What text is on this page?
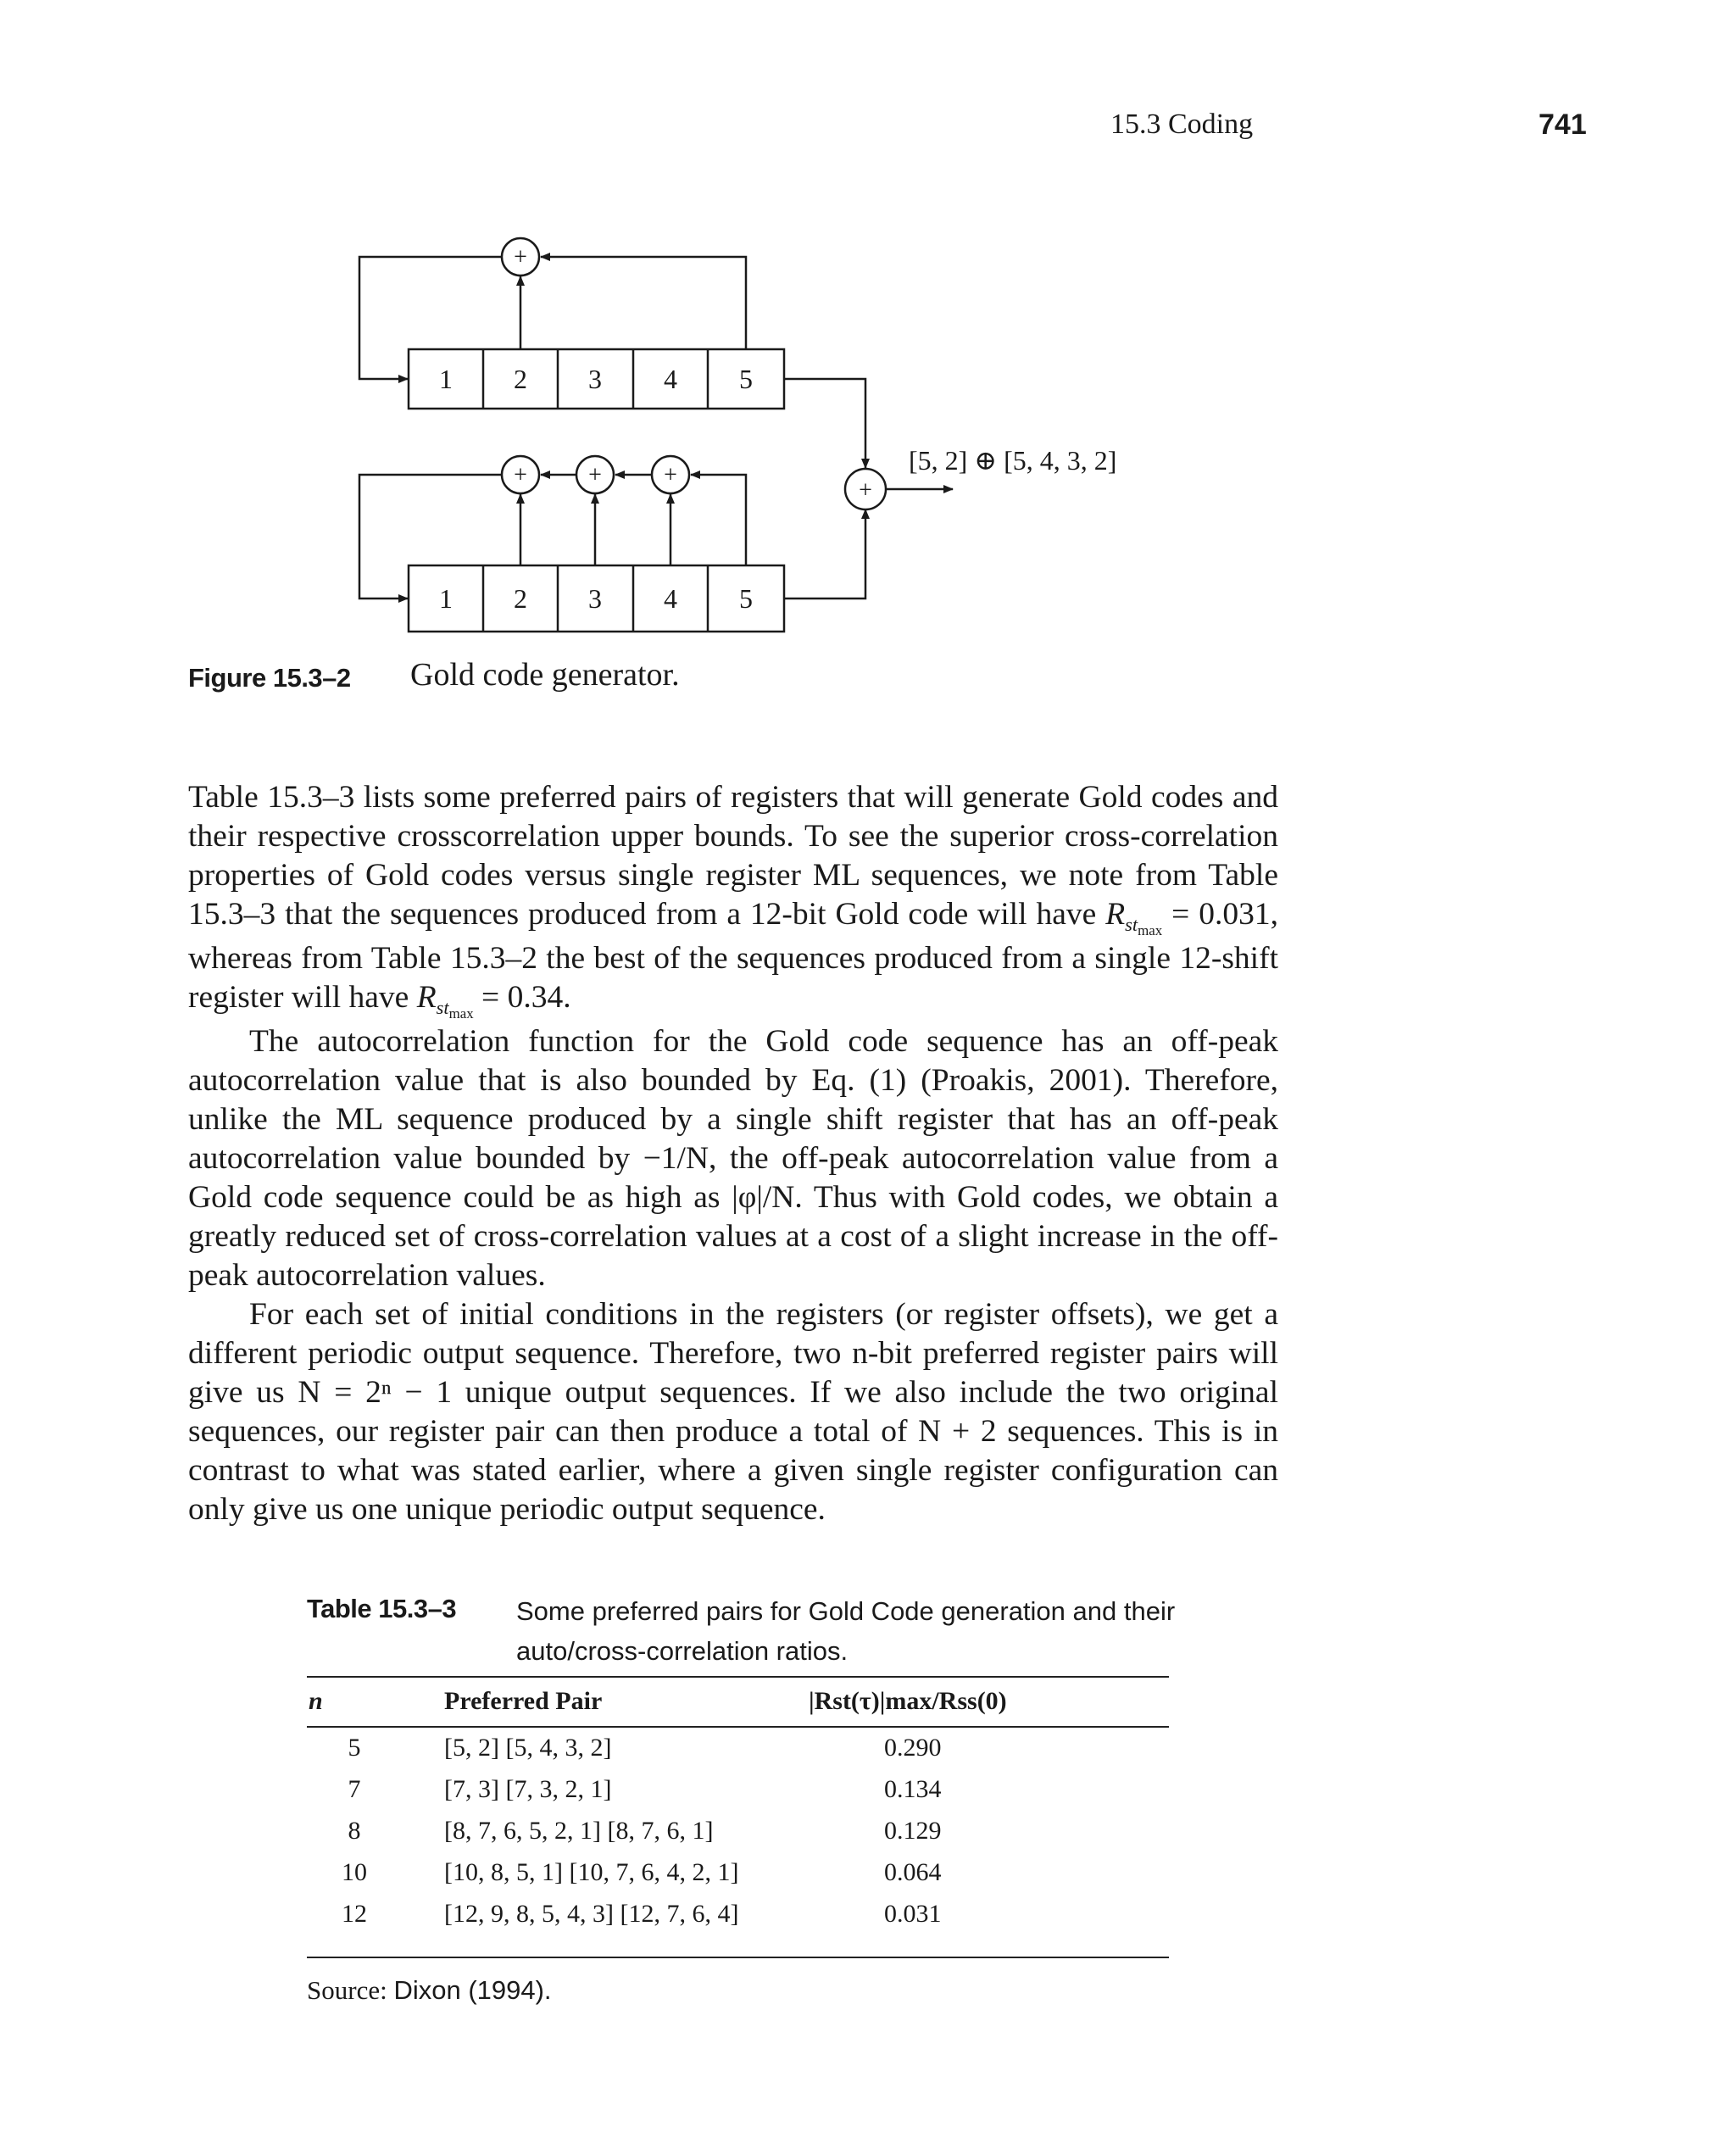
15.3 Coding	741
1 2 3 4 5
1 2 3 4 5
+
+	+	+
+
[5, 2] ⊕ [5, 4, 3, 2]
Figure 15.3–2 Gold code generator.

Table 15.3–3 lists some preferred pairs of registers that will generate Gold codes and their respective crosscorrelation upper bounds. To see the superior cross-correlation properties of Gold codes versus single register ML sequences, we note from Table 15.3–3 that the sequences produced from a 12-bit Gold code will have $R_{st_{max}} = 0.031$, whereas from Table 15.3–2 the best of the sequences produced from a single 12-shift register will have $R_{st_{max}} = 0.34$.

The autocorrelation function for the Gold code sequence has an off-peak autocorrelation value that is also bounded by Eq. (1) (Proakis, 2001). Therefore, unlike the ML sequence produced by a single shift register that has an off-peak autocorrelation value bounded by −1/N, the off-peak autocorrelation value from a Gold code sequence could be as high as |φ|/N. Thus with Gold codes, we obtain a greatly reduced set of cross-correlation values at a cost of a slight increase in the off-peak autocorrelation values.

For each set of initial conditions in the registers (or register offsets), we get a different periodic output sequence. Therefore, two n-bit preferred register pairs will give us N = 2ⁿ − 1 unique output sequences. If we also include the two original sequences, our register pair can then produce a total of N + 2 sequences. This is in contrast to what was stated earlier, where a given single register configuration can only give us one unique periodic output sequence.

Table 15.3–3 Some preferred pairs for Gold Code generation and their auto/cross-correlation ratios.
n	Preferred Pair	|Rst(τ)|max/Rss(0)
5	[5, 2] [5, 4, 3, 2]	0.290
7	[7, 3] [7, 3, 2, 1]	0.134
8	[8, 7, 6, 5, 2, 1] [8, 7, 6, 1]	0.129
10	[10, 8, 5, 1] [10, 7, 6, 4, 2, 1]	0.064
12	[12, 9, 8, 5, 4, 3] [12, 7, 6, 4]	0.031
Source: Dixon (1994).
